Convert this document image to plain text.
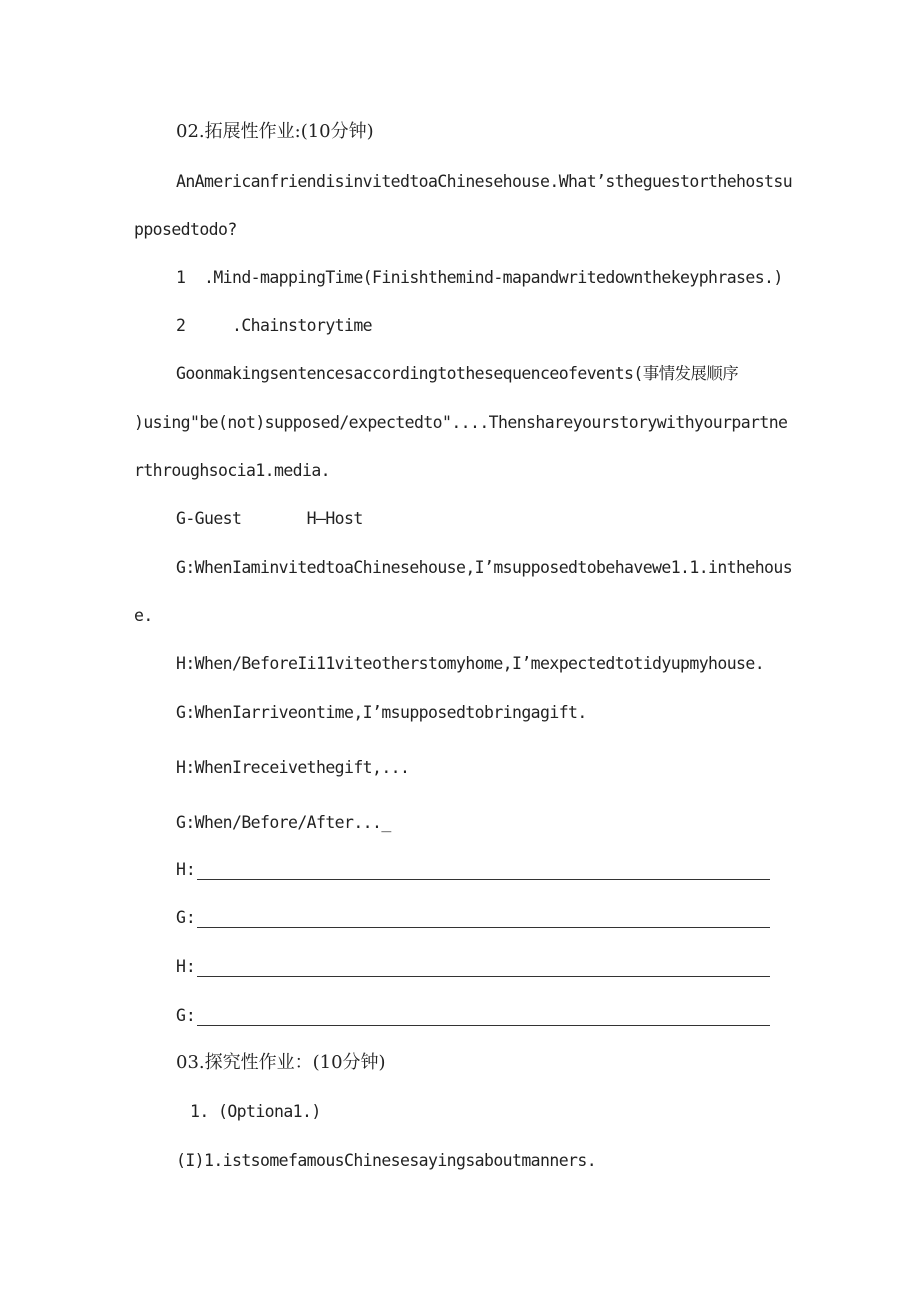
02.拓展性作业:(10分钟)
AnAmericanfriendisinvitedtoaChinesehouse.What’stheguestorthehostsu
pposedtodo?
1  .Mind-mappingTime(Finishthemind-mapandwritedownthekeyphrases.)
2     .Chainstorytime
Goonmakingsentencesaccordingtothesequenceofevents(事情发展顺序
)using"be(not)supposed/expectedto"....Thenshareyourstorywithyourpartne
rthroughsocia1.media.
G-Guest       H—Host
G:WhenIaminvitedtoaChinesehouse,I’msupposedtobehavewe1.1.inthehous
e.
H:When/BeforeIi11viteotherstomyhome,I’mexpectedtotidyupmyhouse.
G:WhenIarriveontime,I’msupposedtobringagift.
H:WhenIreceivethegift,...
G:When/Before/After..._
H:
G:
H:
G:
03.探究性作业：(10分钟)
1. (Optiona1.)
(I)1.istsomefamousChinesesayingsaboutmanners.
